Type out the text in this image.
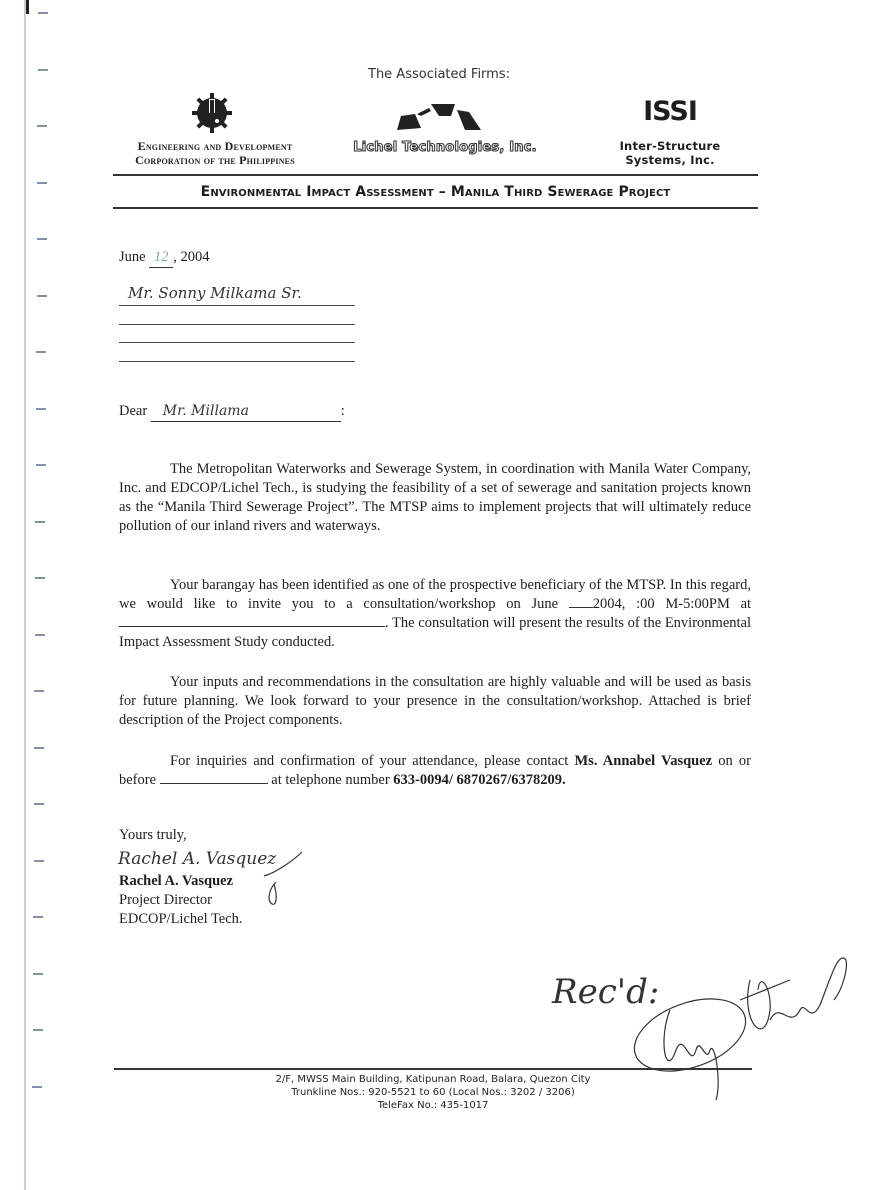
The Associated Firms:
Engineering and Development
Corporation of the Philippines
Lichel Technologies, Inc.
ISSI
Inter-Structure
Systems, Inc.
Environmental Impact Assessment – Manila Third Sewerage Project
June 12 , 2004
Mr. Sonny Milkama Sr.
Dear Mr. Millama	:
The Metropolitan Waterworks and Sewerage System, in coordination with Manila Water Company, Inc. and EDCOP/Lichel Tech., is studying the feasibility of a set of sewerage and sanitation projects known as the “Manila Third Sewerage Project”. The MTSP aims to implement projects that will ultimately reduce pollution of our inland rivers and waterways.
Your barangay has been identified as one of the prospective beneficiary of the MTSP. In this regard, we would like to invite you to a consultation/workshop on June 2004, :00 M-5:00PM at . The consultation will present the results of the Environmental Impact Assessment Study conducted.
Your inputs and recommendations in the consultation are highly valuable and will be used as basis for future planning. We look forward to your presence in the consultation/workshop. Attached is brief description of the Project components.
For inquiries and confirmation of your attendance, please contact Ms. Annabel Vasquez on or before	at telephone number 633-0094/ 6870267/6378209.
Yours truly,
Rachel A. Vasquez
Rachel A. Vasquez
Project Director
EDCOP/Lichel Tech.
Rec'd:
2/F, MWSS Main Building, Katipunan Road, Balara, Quezon City
Trunkline Nos.: 920-5521 to 60 (Local Nos.: 3202 / 3206)
TeleFax No.: 435-1017
